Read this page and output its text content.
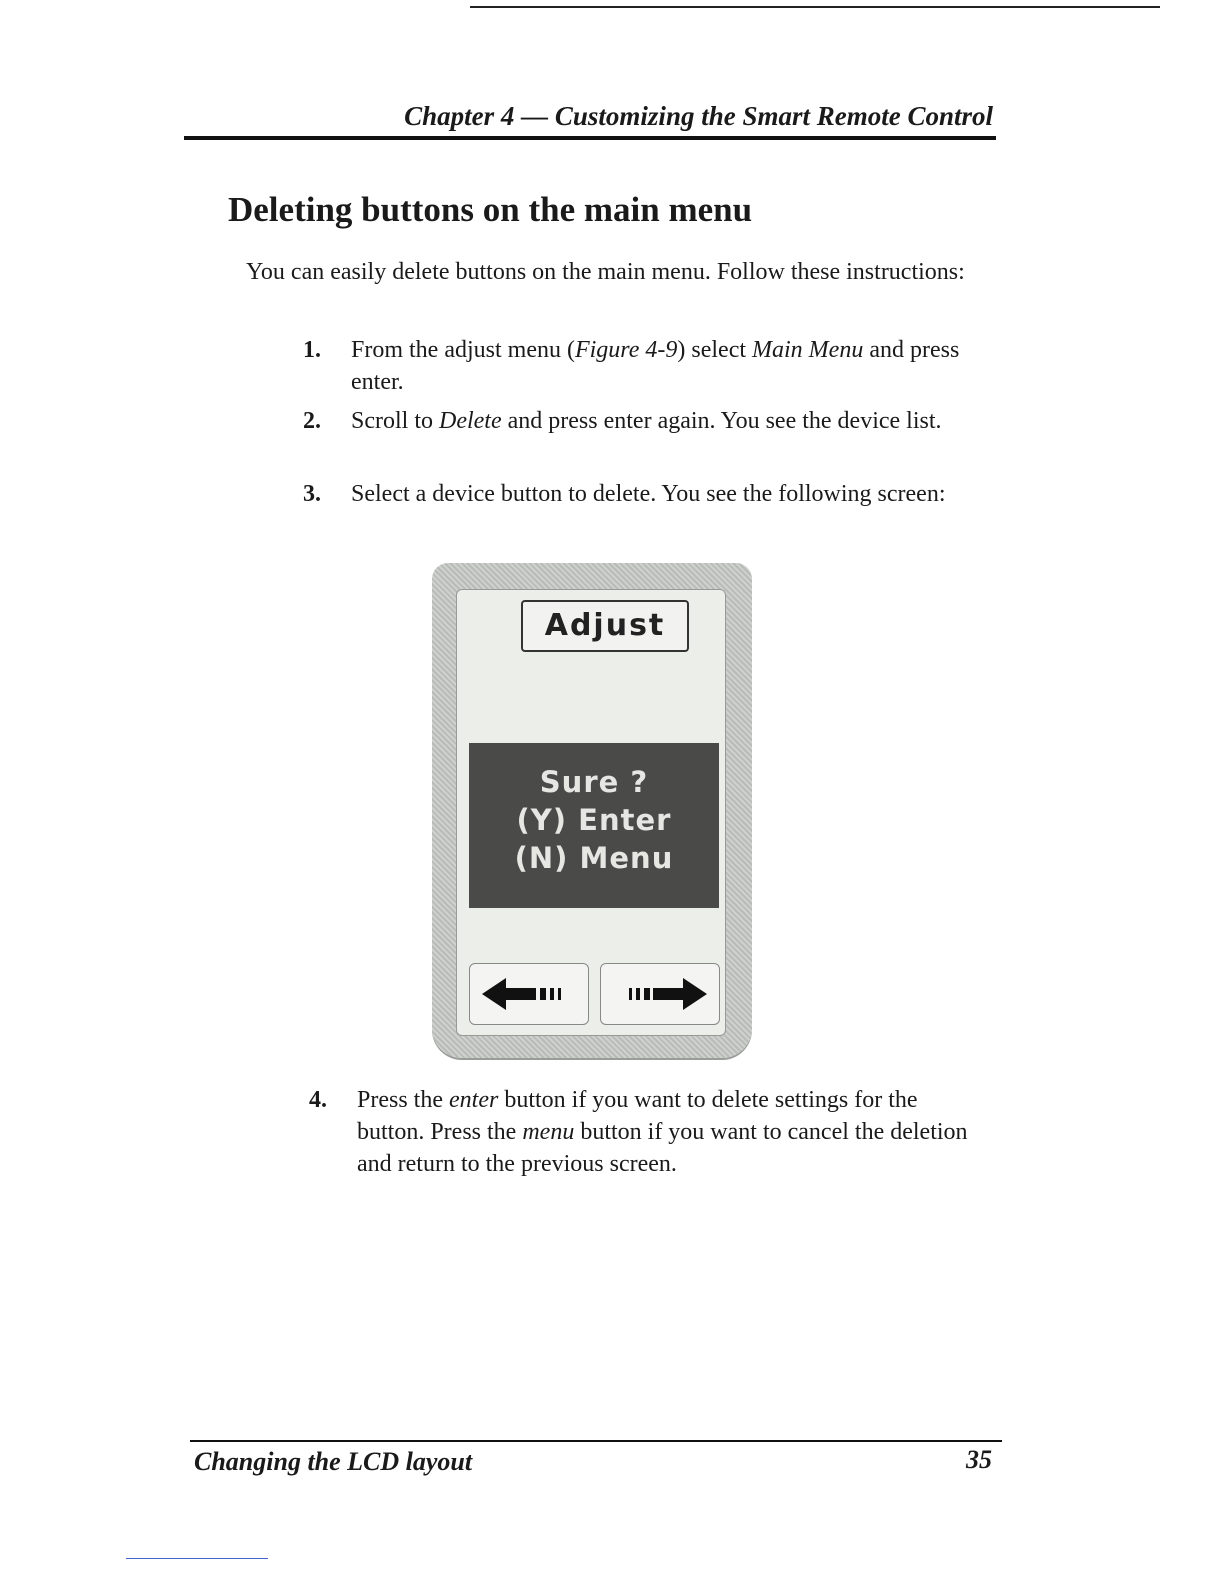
Chapter 4 — Customizing the Smart Remote Control
Deleting buttons on the main menu
You can easily delete buttons on the main menu. Follow these instructions:
1.	From the adjust menu (Figure 4-9) select Main Menu and press enter.
2.	Scroll to Delete and press enter again. You see the device list.
3.	Select a device button to delete. You see the following screen:
Adjust
Sure ?
(Y) Enter
(N) Menu
4.	Press the enter button if you want to delete settings for the button. Press the menu button if you want to cancel the deletion and return to the previous screen.
Changing the LCD layout	35
